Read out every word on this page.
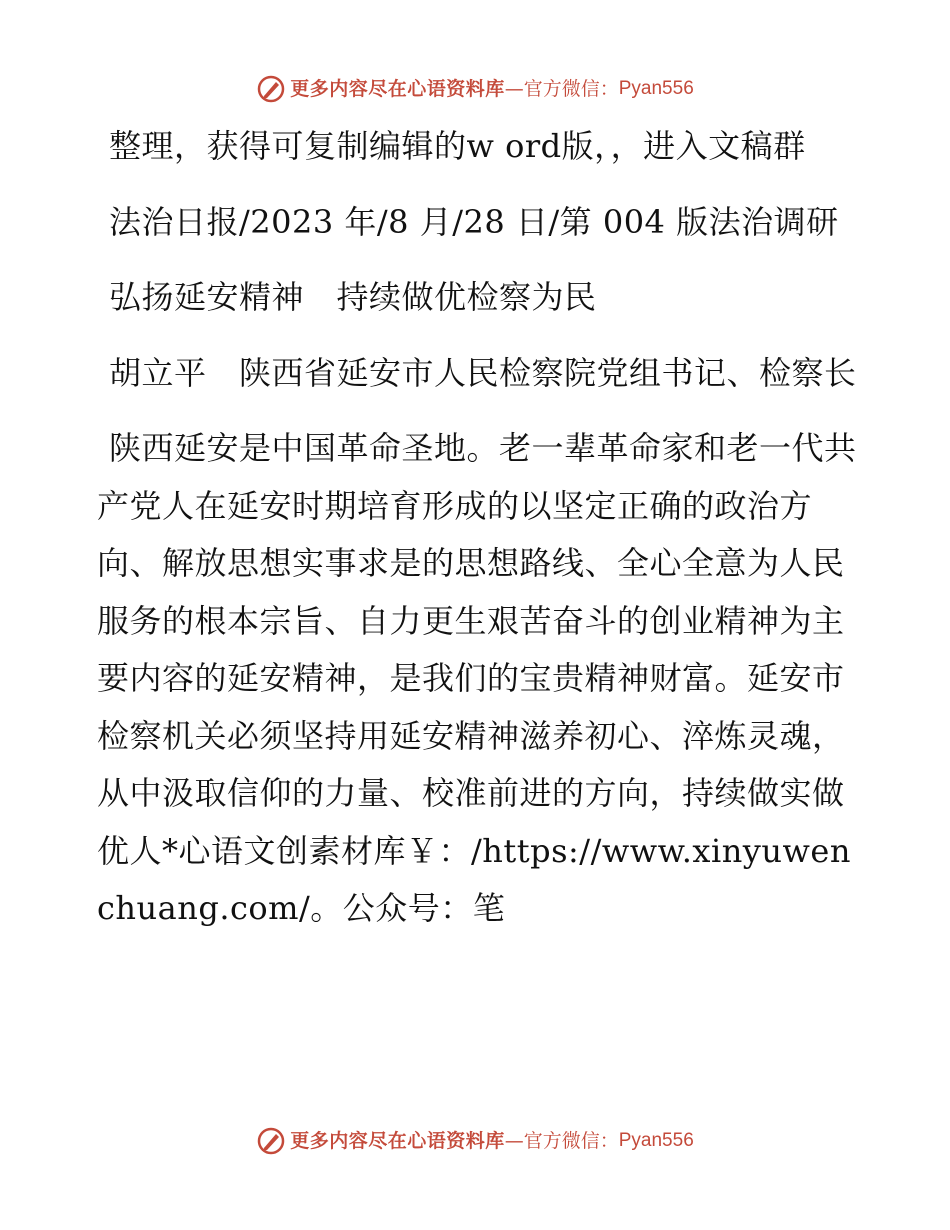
更多内容尽在心语资料库 — 官方微信： Pyan556

整理，获得可复制编辑的w ord版，，进入文稿群

法治日报/2023 年/8 月/28 日/第 004 版法治调研

弘扬延安精神　持续做优检察为民

胡立平　陕西省延安市人民检察院党组书记、检察长

陕西延安是中国革命圣地。老一辈革命家和老一代共产党人在延安时期培育形成的以坚定正确的政治方向、解放思想实事求是的思想路线、全心全意为人民服务的根本宗旨、自力更生艰苦奋斗的创业精神为主要内容的延安精神，是我们的宝贵精神财富。延安市检察机关必须坚持用延安精神滋养初心、淬炼灵魂，从中汲取信仰的力量、校准前进的方向，持续做实做优人*心语文创素材库￥：/https://www.xinyuwenchuang.com/。公众号：笔

更多内容尽在心语资料库 — 官方微信： Pyan556
